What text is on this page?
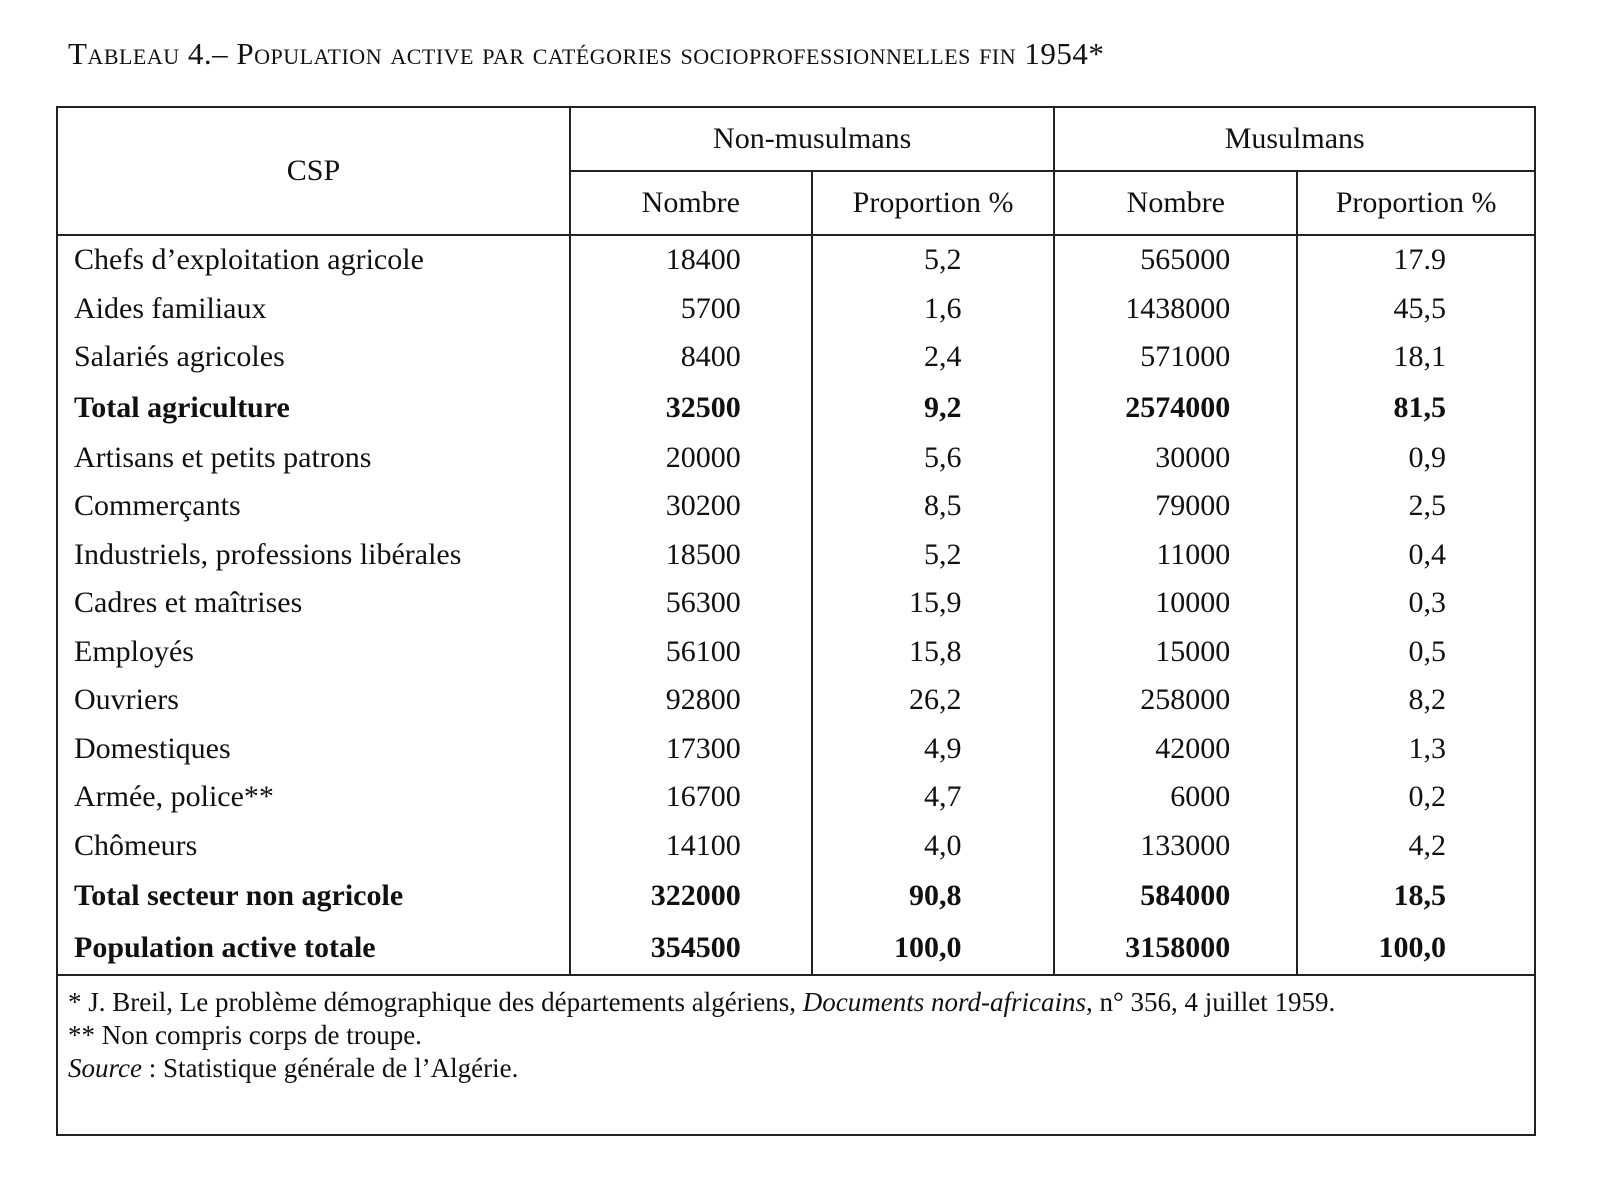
Tableau 4.– Population active par catégories socioprofessionnelles fin 1954*
CSP	Non-musulmans		Musulmans	
	Nombre	Proportion %	Nombre	Proportion %
Chefs d’exploitation agricole	18400	5,2	565000	17.9
Aides familiaux	5700	1,6	1438000	45,5
Salariés agricoles	8400	2,4	571000	18,1
Total agriculture	32500	9,2	2574000	81,5
Artisans et petits patrons	20000	5,6	30000	0,9
Commerçants	30200	8,5	79000	2,5
Industriels, professions libérales	18500	5,2	11000	0,4
Cadres et maîtrises	56300	15,9	10000	0,3
Employés	56100	15,8	15000	0,5
Ouvriers	92800	26,2	258000	8,2
Domestiques	17300	4,9	42000	1,3
Armée, police**	16700	4,7	6000	0,2
Chômeurs	14100	4,0	133000	4,2
Total secteur non agricole	322000	90,8	584000	18,5
Population active totale	354500	100,0	3158000	100,0
* J. Breil, Le problème démographique des départements algériens, Documents nord-africains, n° 356, 4 juillet 1959.
** Non compris corps de troupe.
Source : Statistique générale de l’Algérie.
